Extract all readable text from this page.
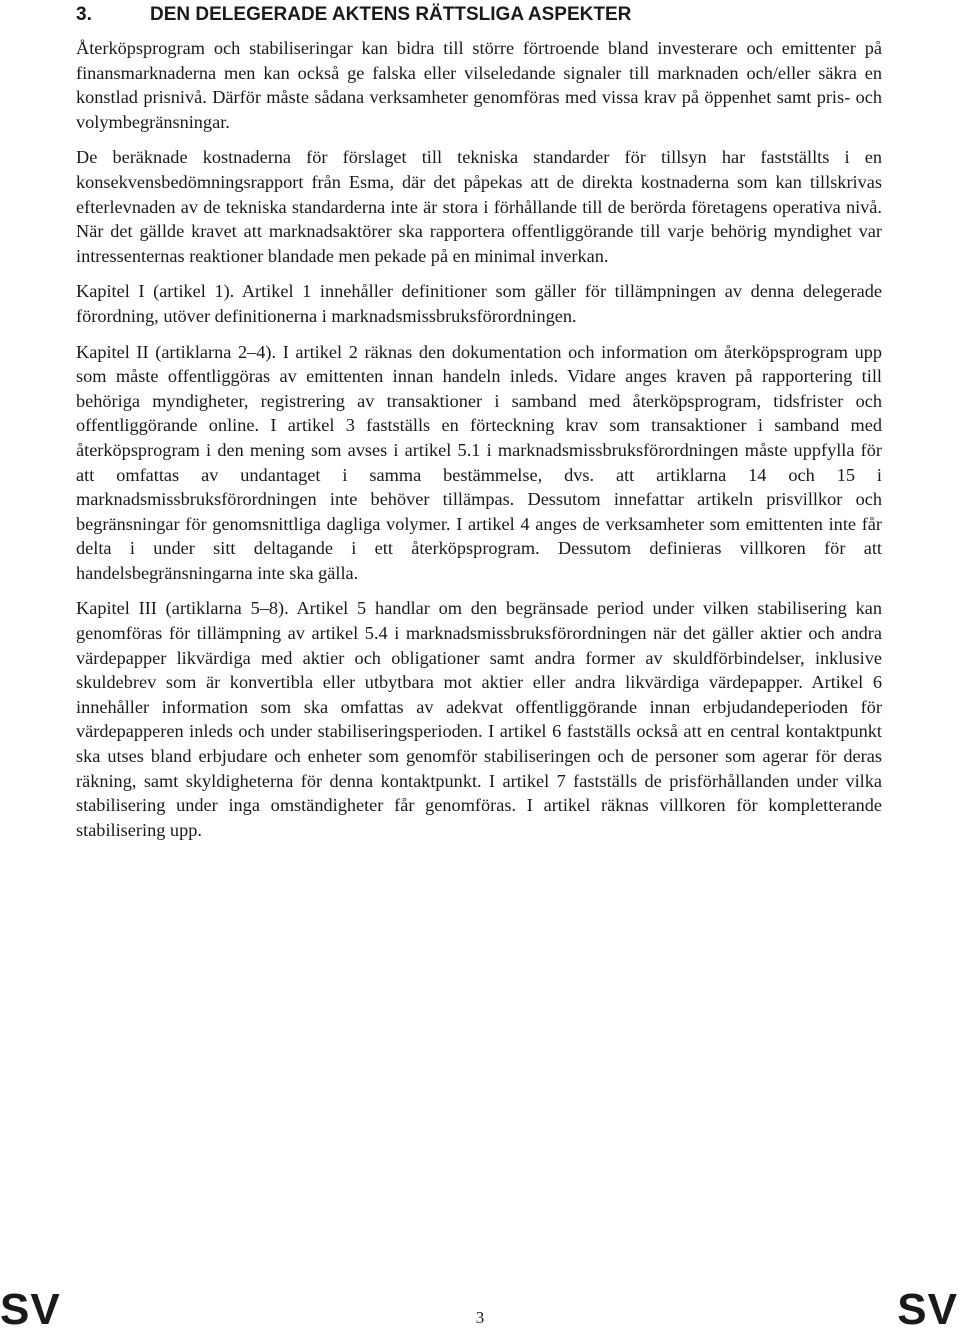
3.	DEN DELEGERADE AKTENS RÄTTSLIGA ASPEKTER

Återköpsprogram och stabiliseringar kan bidra till större förtroende bland investerare och emittenter på finansmarknaderna men kan också ge falska eller vilseledande signaler till marknaden och/eller säkra en konstlad prisnivå. Därför måste sådana verksamheter genomföras med vissa krav på öppenhet samt pris- och volymbegränsningar.

De beräknade kostnaderna för förslaget till tekniska standarder för tillsyn har fastställts i en konsekvensbedömningsrapport från Esma, där det påpekas att de direkta kostnaderna som kan tillskrivas efterlevnaden av de tekniska standarderna inte är stora i förhållande till de berörda företagens operativa nivå. När det gällde kravet att marknadsaktörer ska rapportera offentliggörande till varje behörig myndighet var intressenternas reaktioner blandade men pekade på en minimal inverkan.

Kapitel I (artikel 1). Artikel 1 innehåller definitioner som gäller för tillämpningen av denna delegerade förordning, utöver definitionerna i marknadsmissbruksförordningen.

Kapitel II (artiklarna 2–4). I artikel 2 räknas den dokumentation och information om återköpsprogram upp som måste offentliggöras av emittenten innan handeln inleds. Vidare anges kraven på rapportering till behöriga myndigheter, registrering av transaktioner i samband med återköpsprogram, tidsfrister och offentliggörande online. I artikel 3 fastställs en förteckning krav som transaktioner i samband med återköpsprogram i den mening som avses i artikel 5.1 i marknadsmissbruksförordningen måste uppfylla för att omfattas av undantaget i samma bestämmelse, dvs. att artiklarna 14 och 15 i marknadsmissbruksförordningen inte behöver tillämpas. Dessutom innefattar artikeln prisvillkor och begränsningar för genomsnittliga dagliga volymer. I artikel 4 anges de verksamheter som emittenten inte får delta i under sitt deltagande i ett återköpsprogram. Dessutom definieras villkoren för att handelsbegränsningarna inte ska gälla.

Kapitel III (artiklarna 5–8). Artikel 5 handlar om den begränsade period under vilken stabilisering kan genomföras för tillämpning av artikel 5.4 i marknadsmissbruksförordningen när det gäller aktier och andra värdepapper likvärdiga med aktier och obligationer samt andra former av skuldförbindelser, inklusive skuldebrev som är konvertibla eller utbytbara mot aktier eller andra likvärdiga värdepapper. Artikel 6 innehåller information som ska omfattas av adekvat offentliggörande innan erbjudandeperioden för värdepapperen inleds och under stabiliseringsperioden. I artikel 6 fastställs också att en central kontaktpunkt ska utses bland erbjudare och enheter som genomför stabiliseringen och de personer som agerar för deras räkning, samt skyldigheterna för denna kontaktpunkt. I artikel 7 fastställs de prisförhållanden under vilka stabilisering under inga omständigheter får genomföras. I artikel räknas villkoren för kompletterande stabilisering upp.

SV	3	SV
